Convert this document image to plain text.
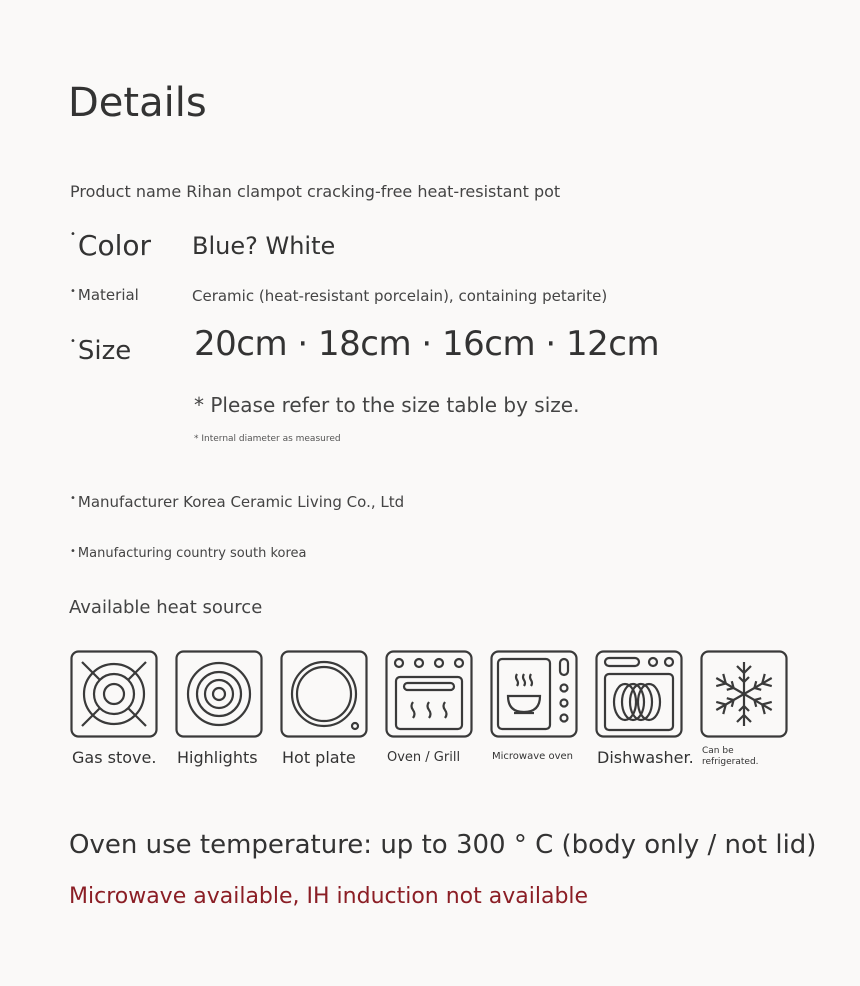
Details
Product name Rihan clampot cracking-free heat-resistant pot
•Color Blue? White
• Material	Ceramic (heat-resistant porcelain), containing petarite)
•Size 20cm · 18cm · 16cm · 12cm
* Please refer to the size table by size.
* Internal diameter as measured
• Manufacturer Korea Ceramic Living Co., Ltd
• Manufacturing country south korea
Available heat source
Gas stove. Highlights Hot plate Oven / Grill	Microwave oven Dishwasher. Can be refrigerated.
Oven use temperature: up to 300 ° C (body only / not lid)
Microwave available, IH induction not available
